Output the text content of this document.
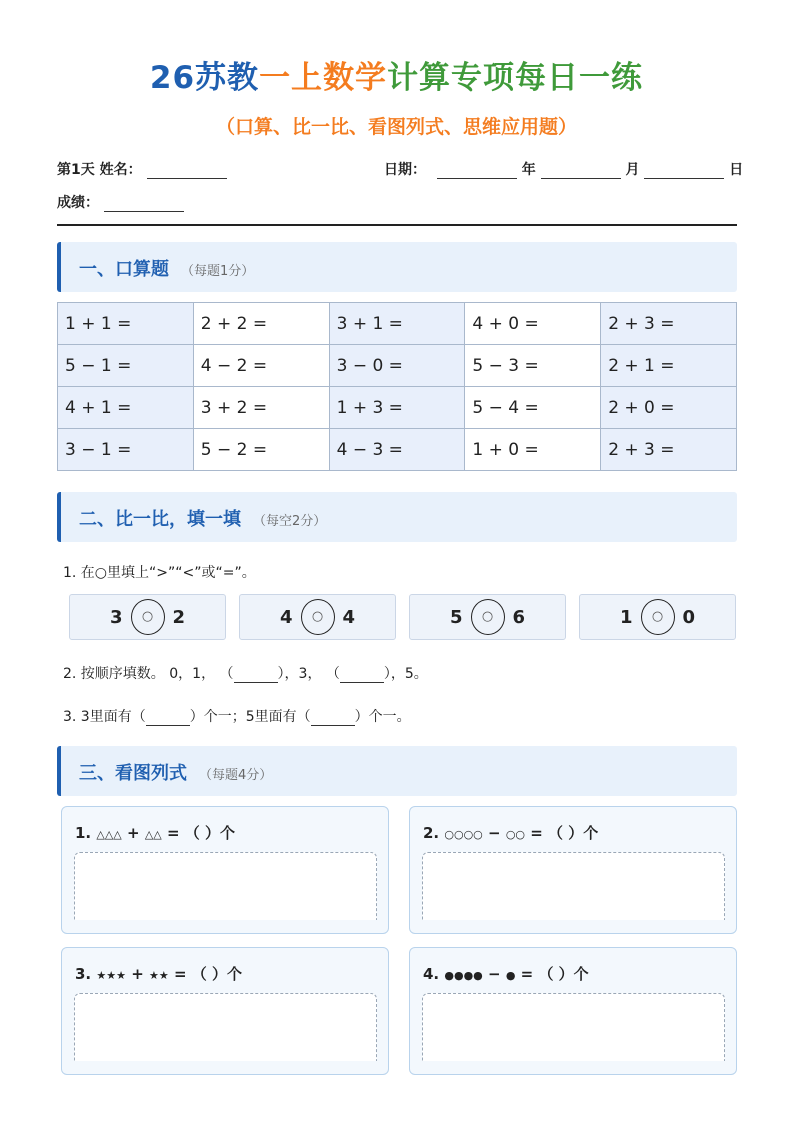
26苏教一上数学计算专项每日一练
（口算、比一比、看图列式、思维应用题）
第1天 姓名：	日期：	年	月	日
成绩：
一、口算题 （每题1分）
1 + 1 =	2 + 2 =	3 + 1 =	4 + 0 =	2 + 3 =
5 − 1 =	4 − 2 =	3 − 0 =	5 − 3 =	2 + 1 =
4 + 1 =	3 + 2 =	1 + 3 =	5 − 4 =	2 + 0 =
3 − 1 =	5 − 2 =	4 − 3 =	1 + 0 =	2 + 3 =
二、比一比，填一填 （每空2分）
1. 在○里填上“>”“<”或“=”。
3	○	2	4	○	4	5	○	6	1	○	0
2. 按顺序填数。 0，1， （	），3， （	），5。
3. 3里面有（	）个一；5里面有（	）个一。
三、看图列式 （每题4分）
1. △△△ + △△ = （ ）个	2. ○○○○ − ○○ = （ ）个
3. ★★★ + ★★ = （ ）个	4. ●●●● − ● = （ ）个
